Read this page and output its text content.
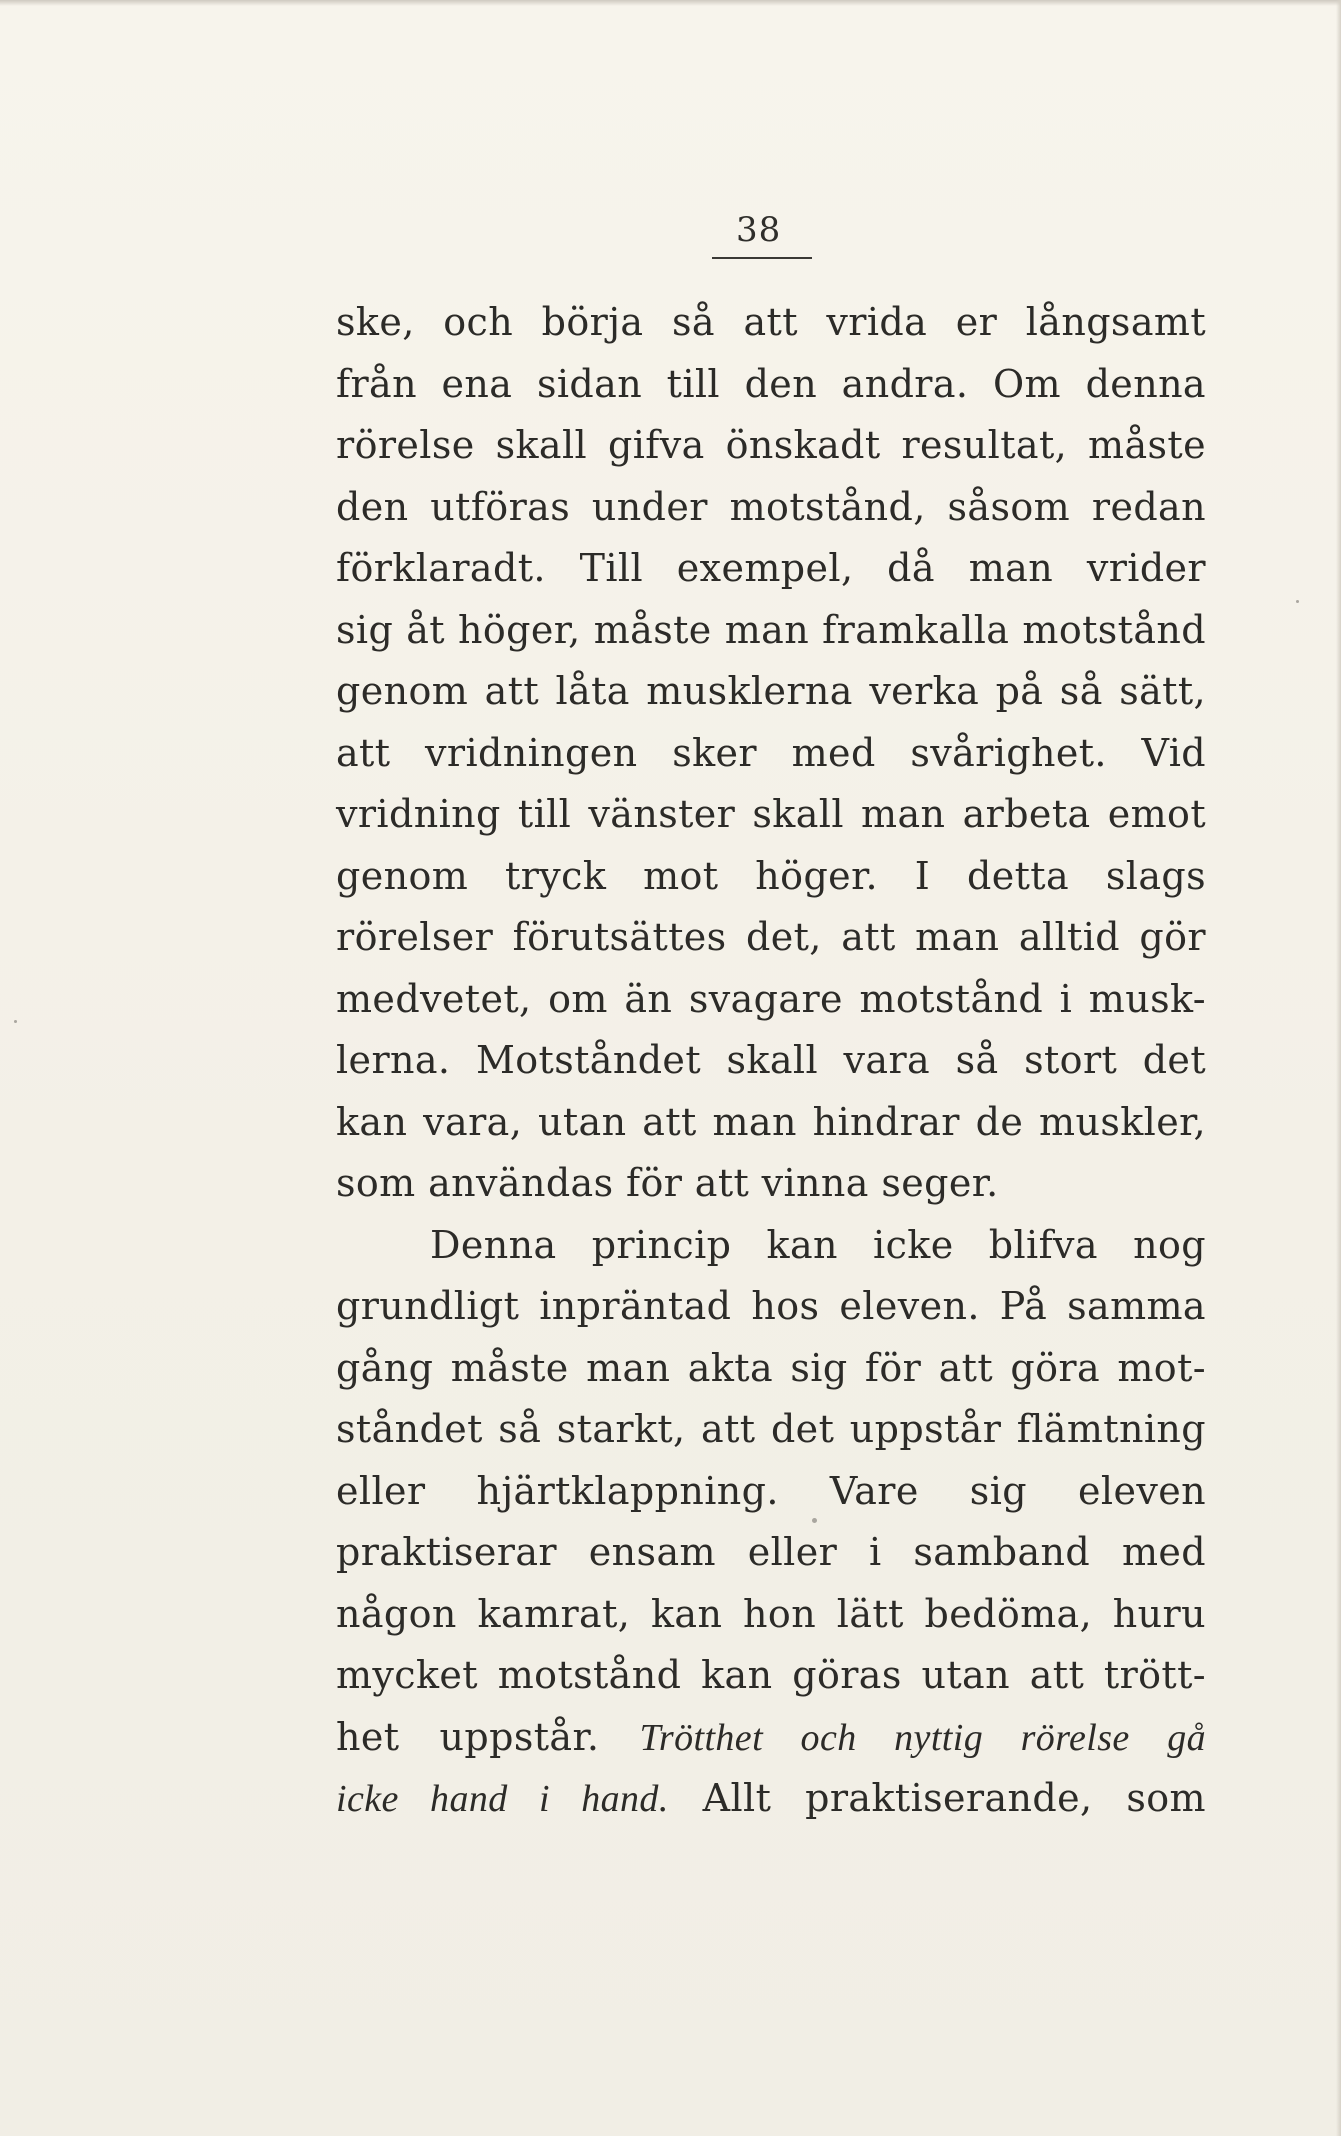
38
ske, och börja så att vrida er långsamt
från ena sidan till den andra. Om denna
rörelse skall gifva önskadt resultat, måste
den utföras under motstånd, såsom redan
förklaradt. Till exempel, då man vrider
sig åt höger, måste man framkalla motstånd
genom att låta musklerna verka på så sätt,
att vridningen sker med svårighet. Vid
vridning till vänster skall man arbeta emot
genom tryck mot höger. I detta slags
rörelser förutsättes det, att man alltid gör
medvetet, om än svagare motstånd i musk-
lerna. Motståndet skall vara så stort det
kan vara, utan att man hindrar de muskler,
som användas för att vinna seger.
Denna princip kan icke blifva nog
grundligt inpräntad hos eleven. På samma
gång måste man akta sig för att göra mot-
ståndet så starkt, att det uppstår flämtning
eller hjärtklappning. Vare sig eleven
praktiserar ensam eller i samband med
någon kamrat, kan hon lätt bedöma, huru
mycket motstånd kan göras utan att trött-
het uppstår. Trötthet och nyttig rörelse gå
icke hand i hand. Allt praktiserande, som
